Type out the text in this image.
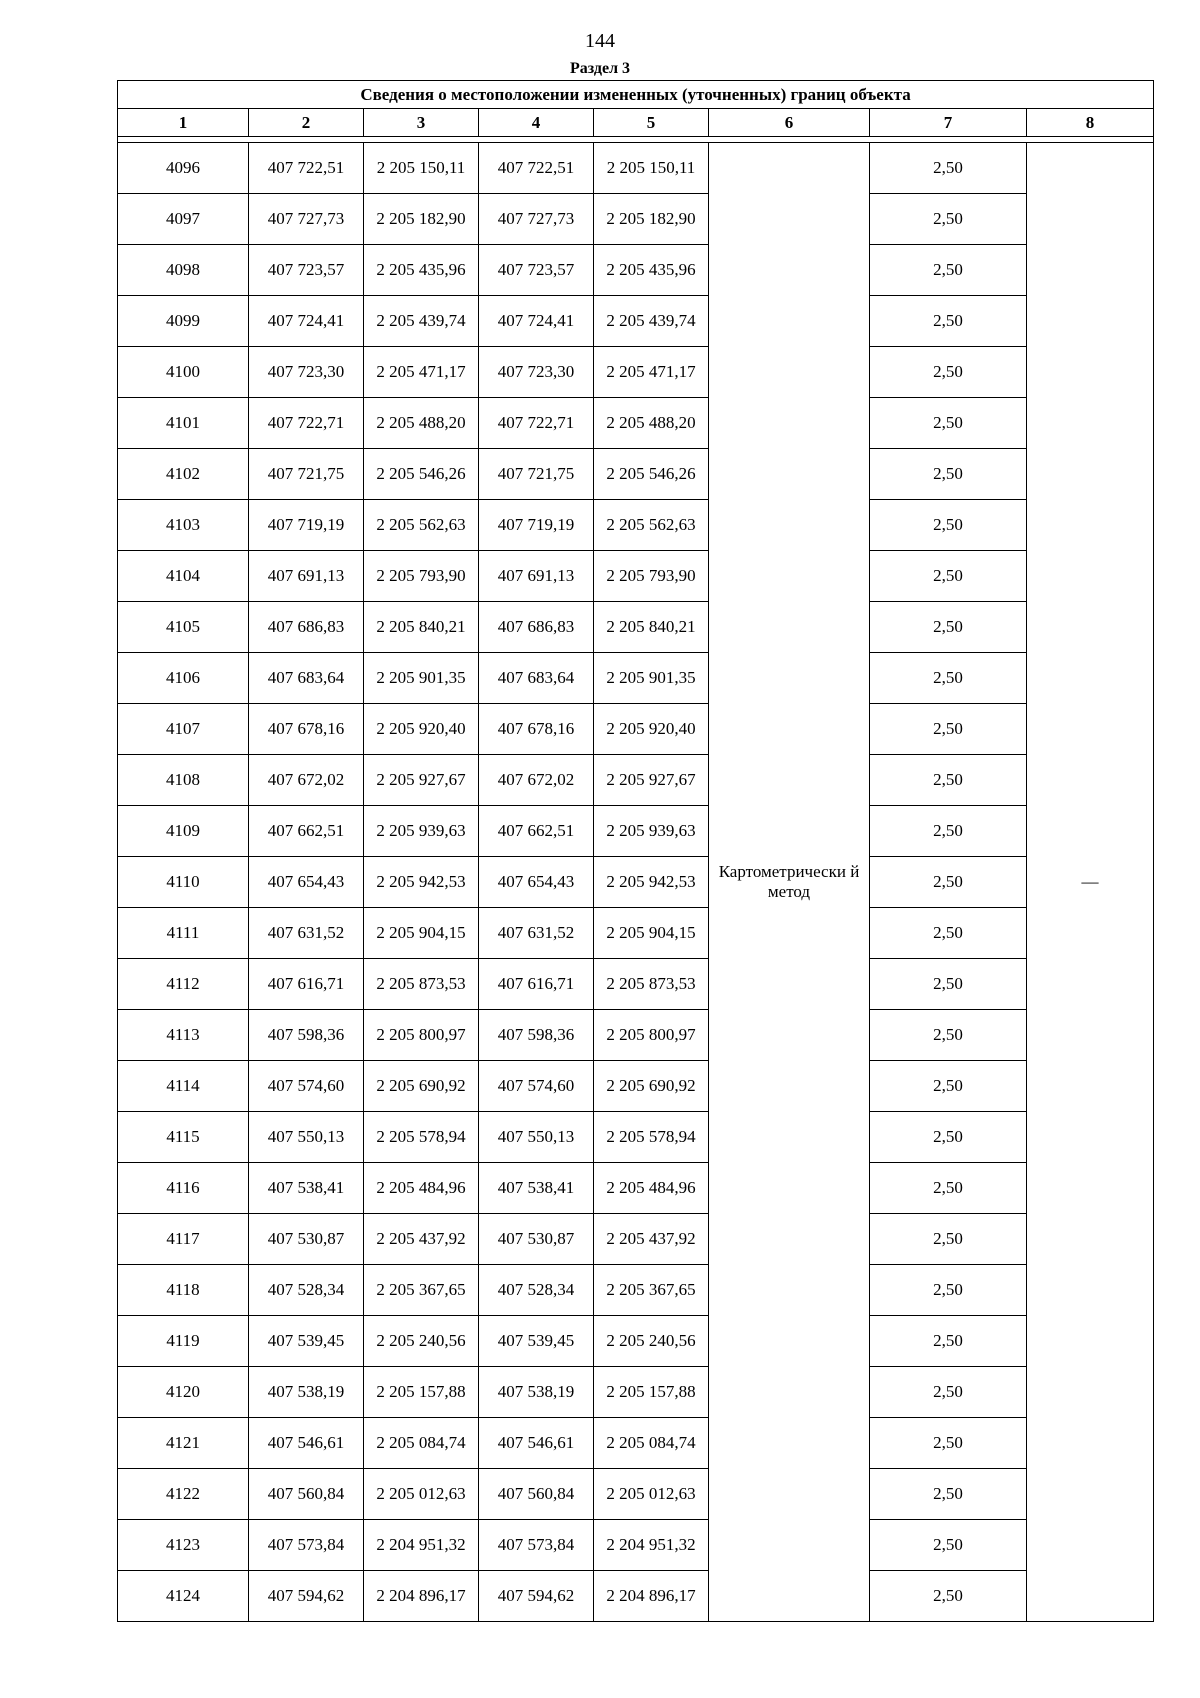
144
Раздел 3
Сведения о местоположении измененных (уточненных) границ объекта							
1	2	3	4	5	6	7	8

4096	407 722,51	2 205 150,11	407 722,51	2 205 150,11	Картометрически й метод	2,50	—
4097	407 727,73	2 205 182,90	407 727,73	2 205 182,90		2,50	
4098	407 723,57	2 205 435,96	407 723,57	2 205 435,96		2,50	
4099	407 724,41	2 205 439,74	407 724,41	2 205 439,74		2,50	
4100	407 723,30	2 205 471,17	407 723,30	2 205 471,17		2,50	
4101	407 722,71	2 205 488,20	407 722,71	2 205 488,20		2,50	
4102	407 721,75	2 205 546,26	407 721,75	2 205 546,26		2,50	
4103	407 719,19	2 205 562,63	407 719,19	2 205 562,63		2,50	
4104	407 691,13	2 205 793,90	407 691,13	2 205 793,90		2,50	
4105	407 686,83	2 205 840,21	407 686,83	2 205 840,21		2,50	
4106	407 683,64	2 205 901,35	407 683,64	2 205 901,35		2,50	
4107	407 678,16	2 205 920,40	407 678,16	2 205 920,40		2,50	
4108	407 672,02	2 205 927,67	407 672,02	2 205 927,67		2,50	
4109	407 662,51	2 205 939,63	407 662,51	2 205 939,63		2,50	
4110	407 654,43	2 205 942,53	407 654,43	2 205 942,53		2,50	
4111	407 631,52	2 205 904,15	407 631,52	2 205 904,15		2,50	
4112	407 616,71	2 205 873,53	407 616,71	2 205 873,53		2,50	
4113	407 598,36	2 205 800,97	407 598,36	2 205 800,97		2,50	
4114	407 574,60	2 205 690,92	407 574,60	2 205 690,92		2,50	
4115	407 550,13	2 205 578,94	407 550,13	2 205 578,94		2,50	
4116	407 538,41	2 205 484,96	407 538,41	2 205 484,96		2,50	
4117	407 530,87	2 205 437,92	407 530,87	2 205 437,92		2,50	
4118	407 528,34	2 205 367,65	407 528,34	2 205 367,65		2,50	
4119	407 539,45	2 205 240,56	407 539,45	2 205 240,56		2,50	
4120	407 538,19	2 205 157,88	407 538,19	2 205 157,88		2,50	
4121	407 546,61	2 205 084,74	407 546,61	2 205 084,74		2,50	
4122	407 560,84	2 205 012,63	407 560,84	2 205 012,63		2,50	
4123	407 573,84	2 204 951,32	407 573,84	2 204 951,32		2,50	
4124	407 594,62	2 204 896,17	407 594,62	2 204 896,17		2,50	
